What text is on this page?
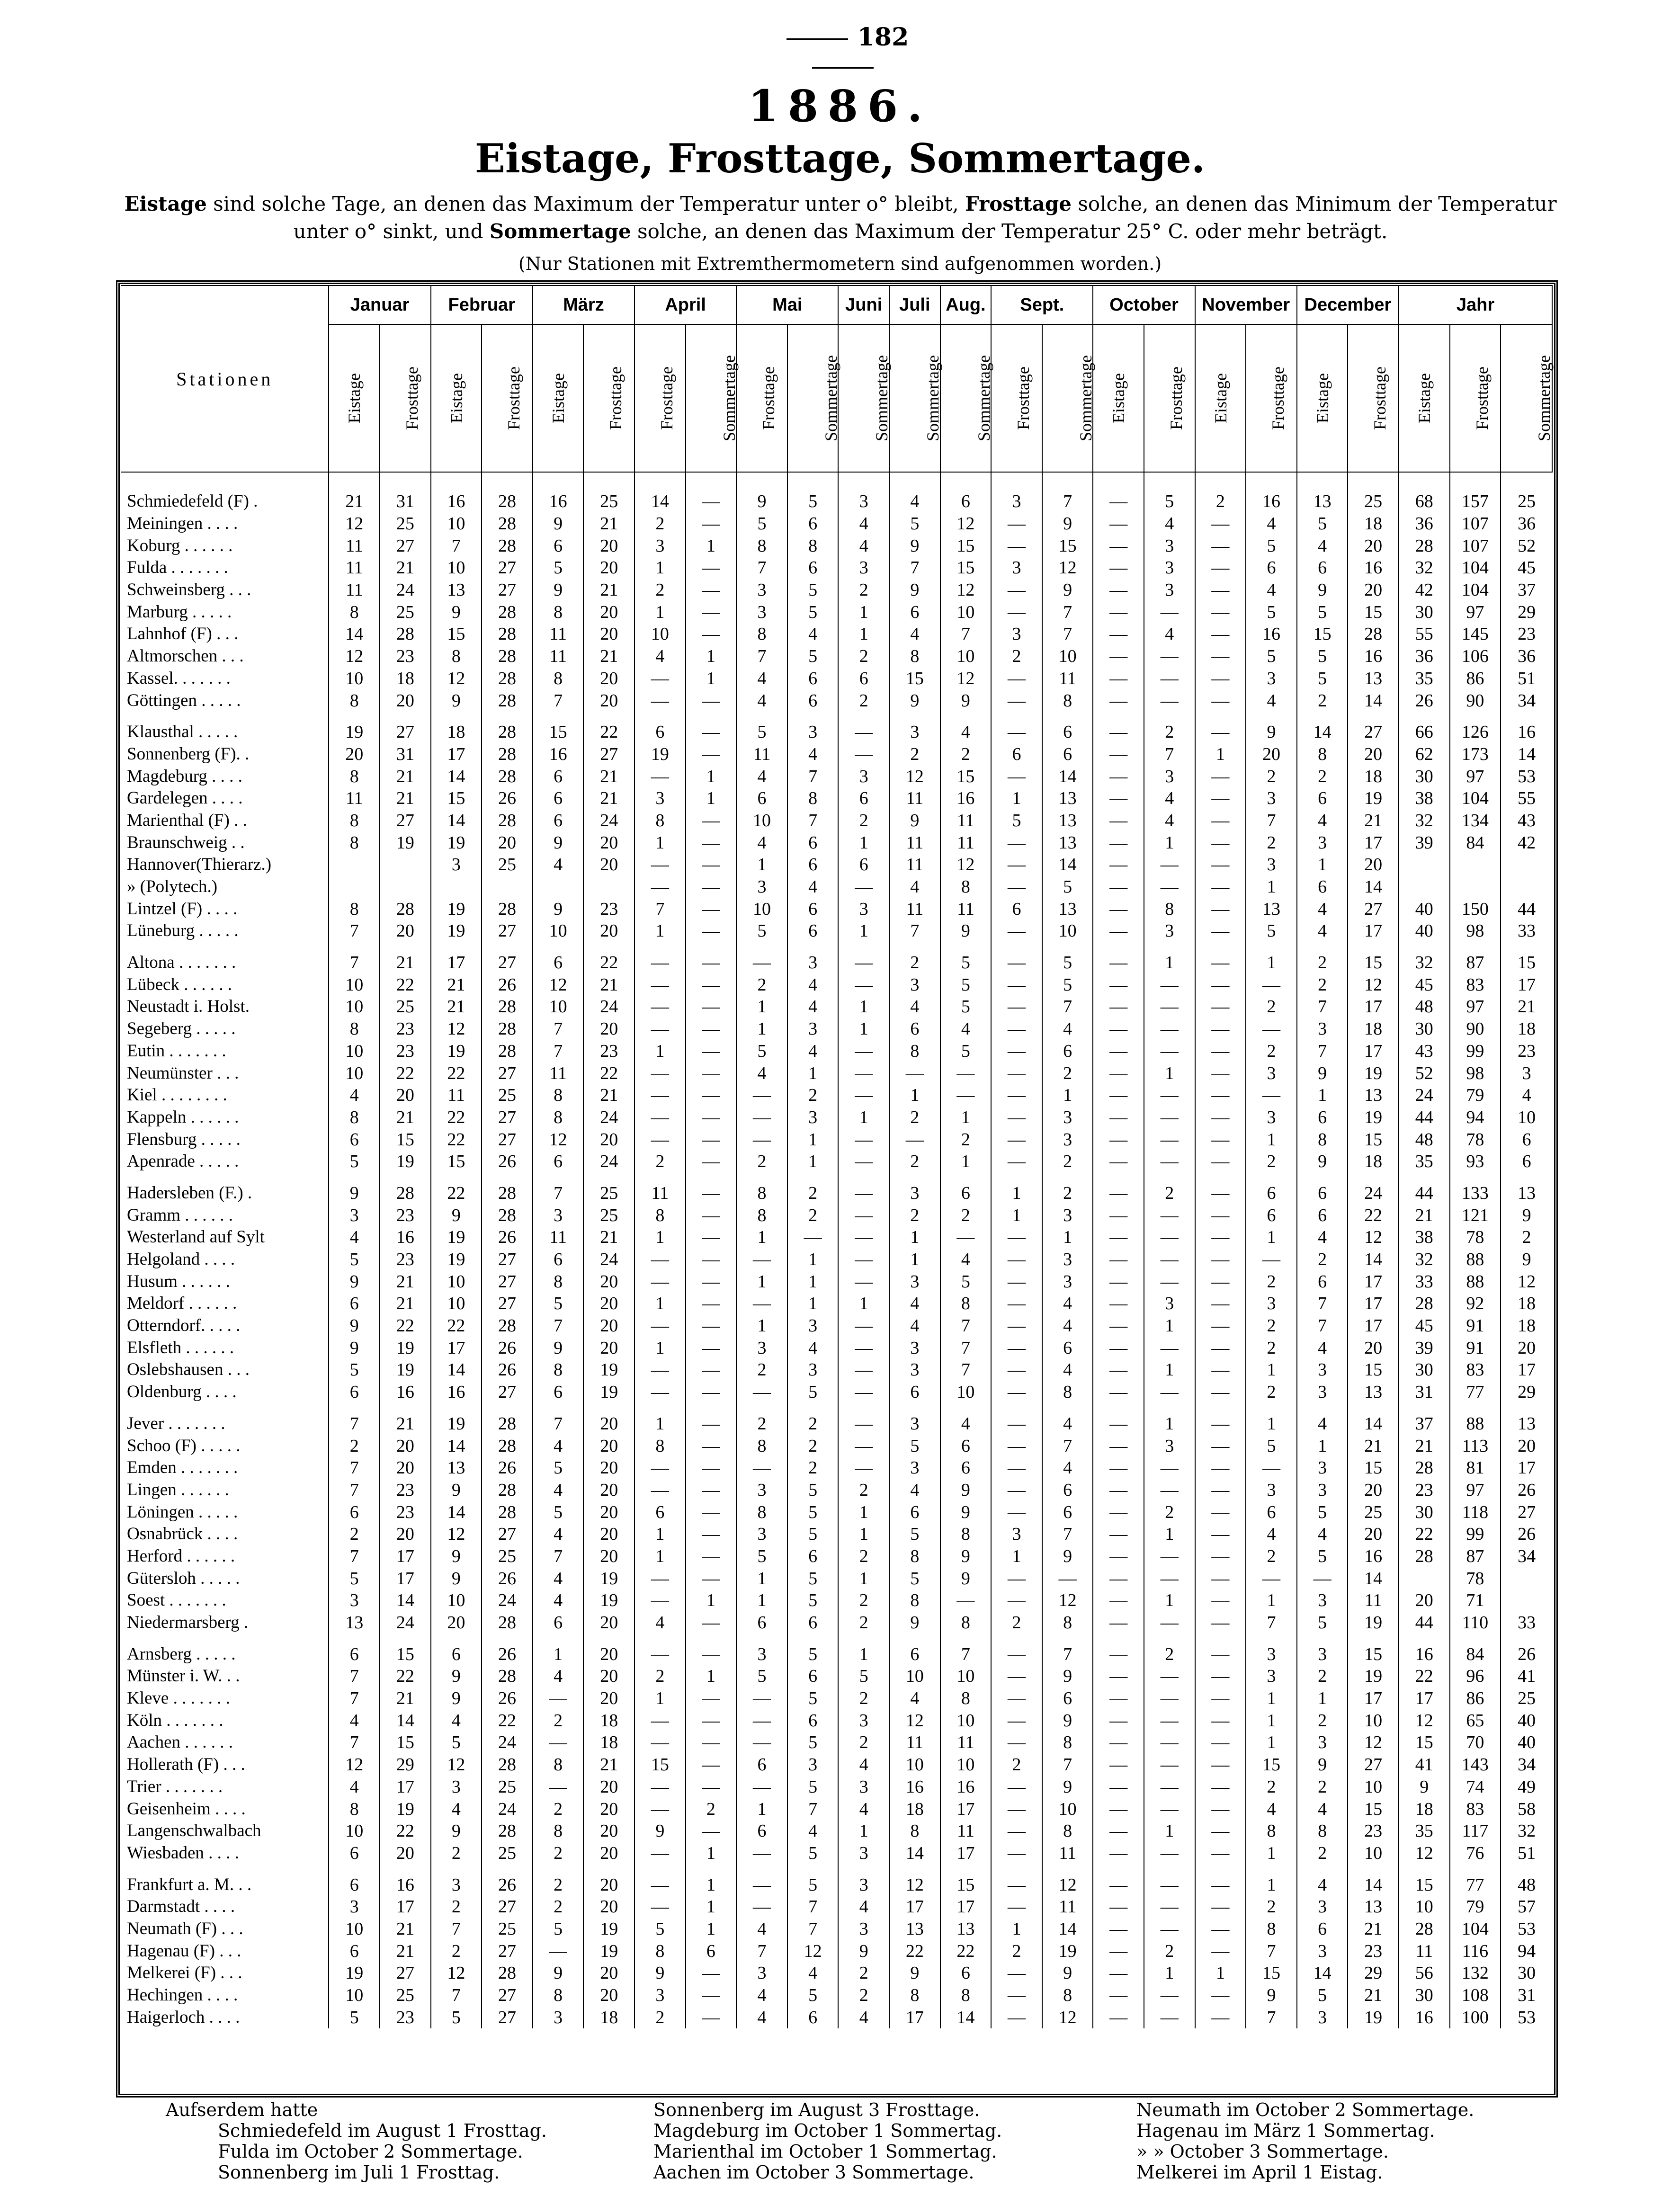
182
1886.
Eistage, Frosttage, Sommertage.
Eistage sind solche Tage, an denen das Maximum der Temperatur unter o° bleibt, Frosttage solche, an denen das Minimum der Temperatur unter o° sinkt, und Sommertage solche, an denen das Maximum der Temperatur 25° C. oder mehr beträgt.
(Nur Stationen mit Extremthermometern sind aufgenommen worden.)
Stationen	Januar		Februar		März		April		Mai		Juni	Juli	Aug.	Sept.		October		November		December		Jahr		
	Eistage	Frosttage	Eistage	Frosttage	Eistage	Frosttage	Frosttage	Sommertage	Frosttage	Sommertage	Sommertage	Sommertage	Sommertage	Frosttage	Sommertage	Eistage	Frosttage	Eistage	Frosttage	Eistage	Frosttage	Eistage	Frosttage	Sommertage
Schmiedefeld (F) .	21	31	16	28	16	25	14	—	9	5	3	4	6	3	7	—	5	2	16	13	25	68	157	25
Meiningen . . . .	12	25	10	28	9	21	2	—	5	6	4	5	12	—	9	—	4	—	4	5	18	36	107	36
Koburg . . . . . .	11	27	7	28	6	20	3	1	8	8	4	9	15	—	15	—	3	—	5	4	20	28	107	52
Fulda . . . . . . .	11	21	10	27	5	20	1	—	7	6	3	7	15	3	12	—	3	—	6	6	16	32	104	45
Schweinsberg . . .	11	24	13	27	9	21	2	—	3	5	2	9	12	—	9	—	3	—	4	9	20	42	104	37
Marburg . . . . .	8	25	9	28	8	20	1	—	3	5	1	6	10	—	7	—	—	—	5	5	15	30	97	29
Lahnhof (F) . . .	14	28	15	28	11	20	10	—	8	4	1	4	7	3	7	—	4	—	16	15	28	55	145	23
Altmorschen . . .	12	23	8	28	11	21	4	1	7	5	2	8	10	2	10	—	—	—	5	5	16	36	106	36
Kassel. . . . . . .	10	18	12	28	8	20	—	1	4	6	6	15	12	—	11	—	—	—	3	5	13	35	86	51
Göttingen . . . . .	8	20	9	28	7	20	—	—	4	6	2	9	9	—	8	—	—	—	4	2	14	26	90	34
Klausthal . . . . .	19	27	18	28	15	22	6	—	5	3	—	3	4	—	6	—	2	—	9	14	27	66	126	16
Sonnenberg (F). .	20	31	17	28	16	27	19	—	11	4	—	2	2	6	6	—	7	1	20	8	20	62	173	14
Magdeburg . . . .	8	21	14	28	6	21	—	1	4	7	3	12	15	—	14	—	3	—	2	2	18	30	97	53
Gardelegen . . . .	11	21	15	26	6	21	3	1	6	8	6	11	16	1	13	—	4	—	3	6	19	38	104	55
Marienthal (F) . .	8	27	14	28	6	24	8	—	10	7	2	9	11	5	13	—	4	—	7	4	21	32	134	43
Braunschweig . .	8	19	19	20	9	20	1	—	4	6	1	11	11	—	13	—	1	—	2	3	17	39	84	42
Hannover(Thierarz.)			3	25	4	20	—	—	1	6	6	11	12	—	14	—	—	—	3	1	20			
» (Polytech.)							—	—	3	4	—	4	8	—	5	—	—	—	1	6	14			
Lintzel (F) . . . .	8	28	19	28	9	23	7	—	10	6	3	11	11	6	13	—	8	—	13	4	27	40	150	44
Lüneburg . . . . .	7	20	19	27	10	20	1	—	5	6	1	7	9	—	10	—	3	—	5	4	17	40	98	33
Altona . . . . . . .	7	21	17	27	6	22	—	—	—	3	—	2	5	—	5	—	1	—	1	2	15	32	87	15
Lübeck . . . . . .	10	22	21	26	12	21	—	—	2	4	—	3	5	—	5	—	—	—	—	2	12	45	83	17
Neustadt i. Holst.	10	25	21	28	10	24	—	—	1	4	1	4	5	—	7	—	—	—	2	7	17	48	97	21
Segeberg . . . . .	8	23	12	28	7	20	—	—	1	3	1	6	4	—	4	—	—	—	—	3	18	30	90	18
Eutin . . . . . . .	10	23	19	28	7	23	1	—	5	4	—	8	5	—	6	—	—	—	2	7	17	43	99	23
Neumünster . . .	10	22	22	27	11	22	—	—	4	1	—	—	—	—	2	—	1	—	3	9	19	52	98	3
Kiel . . . . . . . .	4	20	11	25	8	21	—	—	—	2	—	1	—	—	1	—	—	—	—	1	13	24	79	4
Kappeln . . . . . .	8	21	22	27	8	24	—	—	—	3	1	2	1	—	3	—	—	—	3	6	19	44	94	10
Flensburg . . . . .	6	15	22	27	12	20	—	—	—	1	—	—	2	—	3	—	—	—	1	8	15	48	78	6
Apenrade . . . . .	5	19	15	26	6	24	2	—	2	1	—	2	1	—	2	—	—	—	2	9	18	35	93	6
Hadersleben (F.) .	9	28	22	28	7	25	11	—	8	2	—	3	6	1	2	—	2	—	6	6	24	44	133	13
Gramm . . . . . .	3	23	9	28	3	25	8	—	8	2	—	2	2	1	3	—	—	—	6	6	22	21	121	9
Westerland auf Sylt	4	16	19	26	11	21	1	—	1	—	—	1	—	—	1	—	—	—	1	4	12	38	78	2
Helgoland . . . .	5	23	19	27	6	24	—	—	—	1	—	1	4	—	3	—	—	—	—	2	14	32	88	9
Husum . . . . . .	9	21	10	27	8	20	—	—	1	1	—	3	5	—	3	—	—	—	2	6	17	33	88	12
Meldorf . . . . . .	6	21	10	27	5	20	1	—	—	1	1	4	8	—	4	—	3	—	3	7	17	28	92	18
Otterndorf. . . . .	9	22	22	28	7	20	—	—	1	3	—	4	7	—	4	—	1	—	2	7	17	45	91	18
Elsfleth . . . . . .	9	19	17	26	9	20	1	—	3	4	—	3	7	—	6	—	—	—	2	4	20	39	91	20
Oslebshausen . . .	5	19	14	26	8	19	—	—	2	3	—	3	7	—	4	—	1	—	1	3	15	30	83	17
Oldenburg . . . .	6	16	16	27	6	19	—	—	—	5	—	6	10	—	8	—	—	—	2	3	13	31	77	29
Jever . . . . . . .	7	21	19	28	7	20	1	—	2	2	—	3	4	—	4	—	1	—	1	4	14	37	88	13
Schoo (F) . . . . .	2	20	14	28	4	20	8	—	8	2	—	5	6	—	7	—	3	—	5	1	21	21	113	20
Emden . . . . . . .	7	20	13	26	5	20	—	—	—	2	—	3	6	—	4	—	—	—	—	3	15	28	81	17
Lingen . . . . . .	7	23	9	28	4	20	—	—	3	5	2	4	9	—	6	—	—	—	3	3	20	23	97	26
Löningen . . . . .	6	23	14	28	5	20	6	—	8	5	1	6	9	—	6	—	2	—	6	5	25	30	118	27
Osnabrück . . . .	2	20	12	27	4	20	1	—	3	5	1	5	8	3	7	—	1	—	4	4	20	22	99	26
Herford . . . . . .	7	17	9	25	7	20	1	—	5	6	2	8	9	1	9	—	—	—	2	5	16	28	87	34
Gütersloh . . . . .	5	17	9	26	4	19	—	—	1	5	1	5	9	—	—	—	—	—	—	—	14		78	
Soest . . . . . . .	3	14	10	24	4	19	—	1	1	5	2	8	—	—	12	—	1	—	1	3	11	20	71	
Niedermarsberg .	13	24	20	28	6	20	4	—	6	6	2	9	8	2	8	—	—	—	7	5	19	44	110	33
Arnsberg . . . . .	6	15	6	26	1	20	—	—	3	5	1	6	7	—	7	—	2	—	3	3	15	16	84	26
Münster i. W. . .	7	22	9	28	4	20	2	1	5	6	5	10	10	—	9	—	—	—	3	2	19	22	96	41
Kleve . . . . . . .	7	21	9	26	—	20	1	—	—	5	2	4	8	—	6	—	—	—	1	1	17	17	86	25
Köln . . . . . . .	4	14	4	22	2	18	—	—	—	6	3	12	10	—	9	—	—	—	1	2	10	12	65	40
Aachen . . . . . .	7	15	5	24	—	18	—	—	—	5	2	11	11	—	8	—	—	—	1	3	12	15	70	40
Hollerath (F) . . .	12	29	12	28	8	21	15	—	6	3	4	10	10	2	7	—	—	—	15	9	27	41	143	34
Trier . . . . . . .	4	17	3	25	—	20	—	—	—	5	3	16	16	—	9	—	—	—	2	2	10	9	74	49
Geisenheim . . . .	8	19	4	24	2	20	—	2	1	7	4	18	17	—	10	—	—	—	4	4	15	18	83	58
Langenschwalbach	10	22	9	28	8	20	9	—	6	4	1	8	11	—	8	—	1	—	8	8	23	35	117	32
Wiesbaden . . . .	6	20	2	25	2	20	—	1	—	5	3	14	17	—	11	—	—	—	1	2	10	12	76	51
Frankfurt a. M. . .	6	16	3	26	2	20	—	1	—	5	3	12	15	—	12	—	—	—	1	4	14	15	77	48
Darmstadt . . . .	3	17	2	27	2	20	—	1	—	7	4	17	17	—	11	—	—	—	2	3	13	10	79	57
Neumath (F) . . .	10	21	7	25	5	19	5	1	4	7	3	13	13	1	14	—	—	—	8	6	21	28	104	53
Hagenau (F) . . .	6	21	2	27	—	19	8	6	7	12	9	22	22	2	19	—	2	—	7	3	23	11	116	94
Melkerei (F) . . .	19	27	12	28	9	20	9	—	3	4	2	9	6	—	9	—	1	1	15	14	29	56	132	30
Hechingen . . . .	10	25	7	27	8	20	3	—	4	5	2	8	8	—	8	—	—	—	9	5	21	30	108	31
Haigerloch . . . .	5	23	5	27	3	18	2	—	4	6	4	17	14	—	12	—	—	—	7	3	19	16	100	53
Aufserdem hatte
Schmiedefeld im August 1 Frosttag.
Fulda im October 2 Sommertage.
Sonnenberg im Juli 1 Frosttag.
Sonnenberg im August 3 Frosttage.
Magdeburg im October 1 Sommertag.
Marienthal im October 1 Sommertag.
Aachen im October 3 Sommertage.
Neumath im October 2 Sommertage.
Hagenau im März 1 Sommertag.
» » October 3 Sommertage.
Melkerei im April 1 Eistag.
